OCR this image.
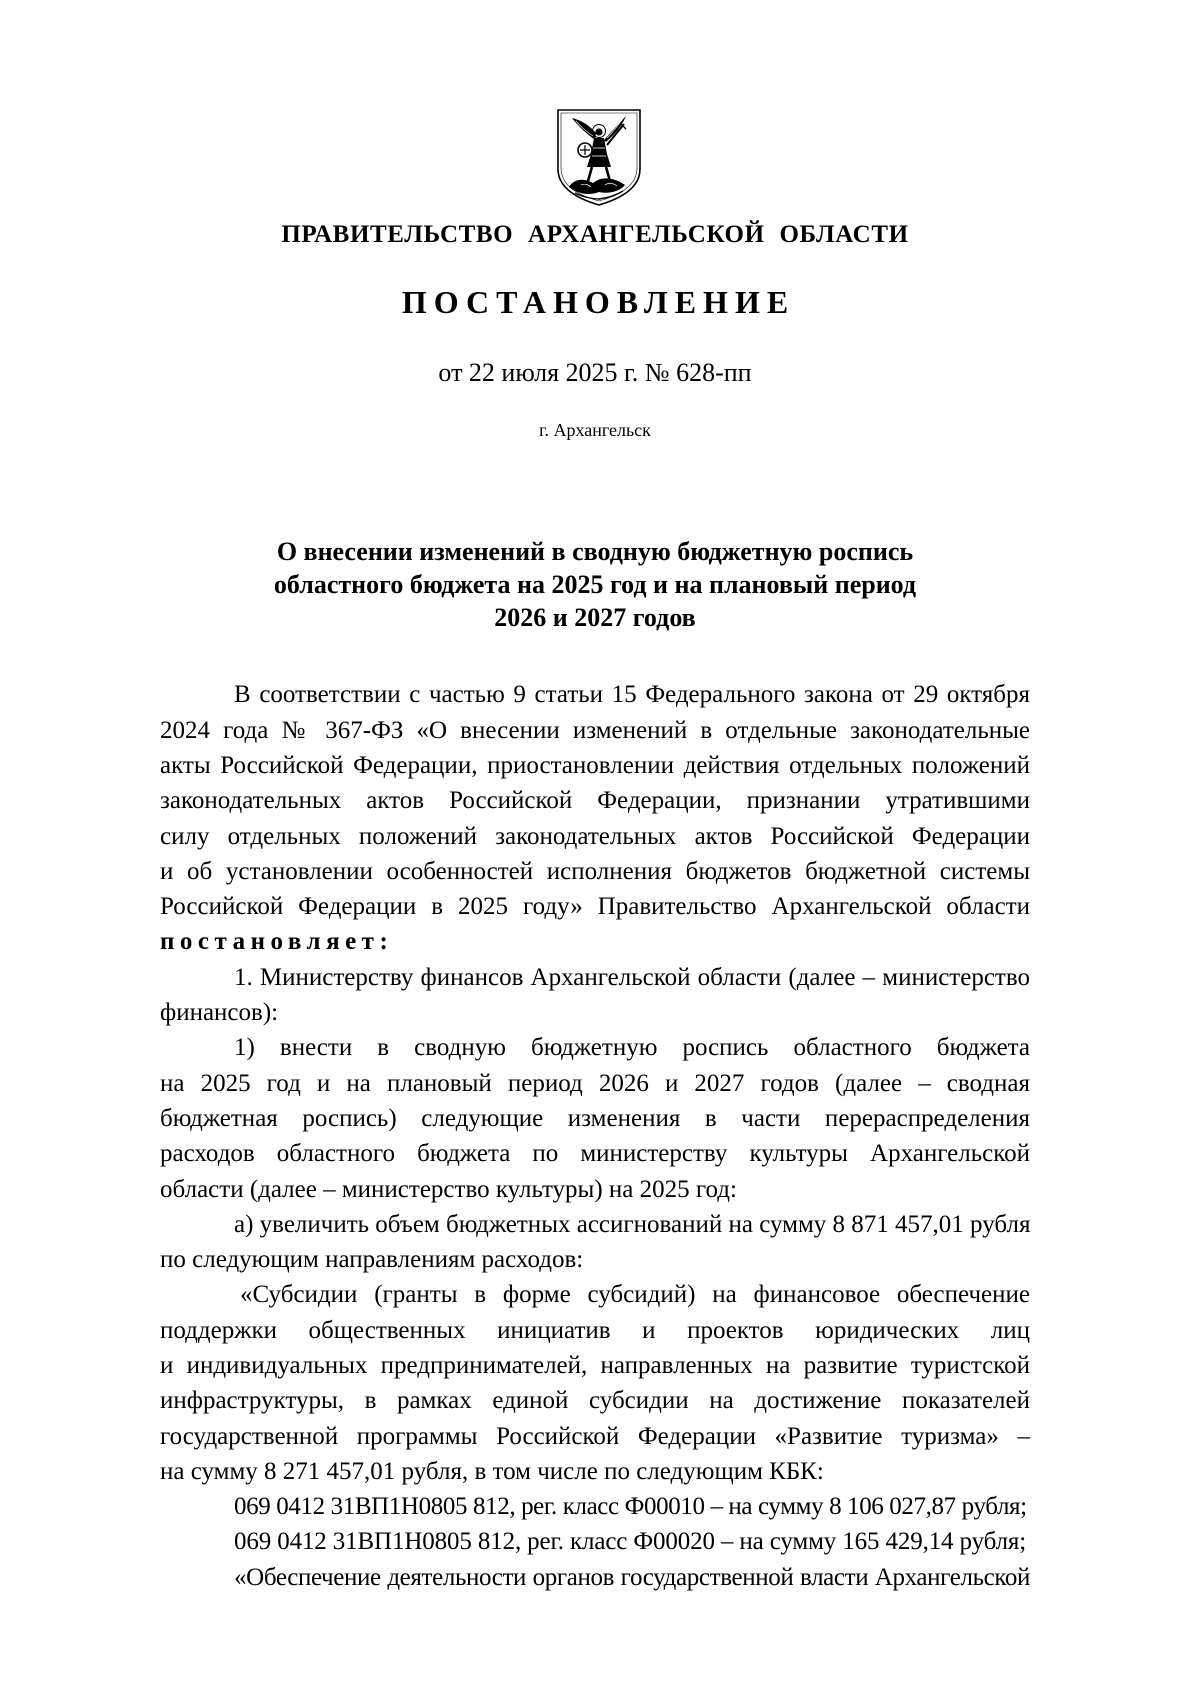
ПРАВИТЕЛЬСТВО АРХАНГЕЛЬСКОЙ ОБЛАСТИ
ПОСТАНОВЛЕНИЕ
от 22 июля 2025 г. № 628-пп
г. Архангельск
О внесении изменений в сводную бюджетную роспись
областного бюджета на 2025 год и на плановый период
2026 и 2027 годов
В соответствии с частью 9 статьи 15 Федерального закона от 29 октября
2024 года № 367-ФЗ «О внесении изменений в отдельные законодательные
акты Российской Федерации, приостановлении действия отдельных положений
законодательных актов Российской Федерации, признании утратившими
силу отдельных положений законодательных актов Российской Федерации
и об установлении особенностей исполнения бюджетов бюджетной системы
Российской Федерации в 2025 году» Правительство Архангельской области
постановляет:
1. Министерству финансов Архангельской области (далее – министерство
финансов):
1) внести в сводную бюджетную роспись областного бюджета
на 2025 год и на плановый период 2026 и 2027 годов (далее – сводная
бюджетная роспись) следующие изменения в части перераспределения
расходов областного бюджета по министерству культуры Архангельской
области (далее – министерство культуры) на 2025 год:
а) увеличить объем бюджетных ассигнований на сумму 8 871 457,01 рубля
по следующим направлениям расходов:
«Субсидии (гранты в форме субсидий) на финансовое обеспечение
поддержки общественных инициатив и проектов юридических лиц
и индивидуальных предпринимателей, направленных на развитие туристской
инфраструктуры, в рамках единой субсидии на достижение показателей
государственной программы Российской Федерации «Развитие туризма» –
на сумму 8 271 457,01 рубля, в том числе по следующим КБК:
069 0412 31ВП1Н0805 812, рег. класс Ф00010 – на сумму 8 106 027,87 рубля;
069 0412 31ВП1Н0805 812, рег. класс Ф00020 – на сумму 165 429,14 рубля;
«Обеспечение деятельности органов государственной власти Архангельской
